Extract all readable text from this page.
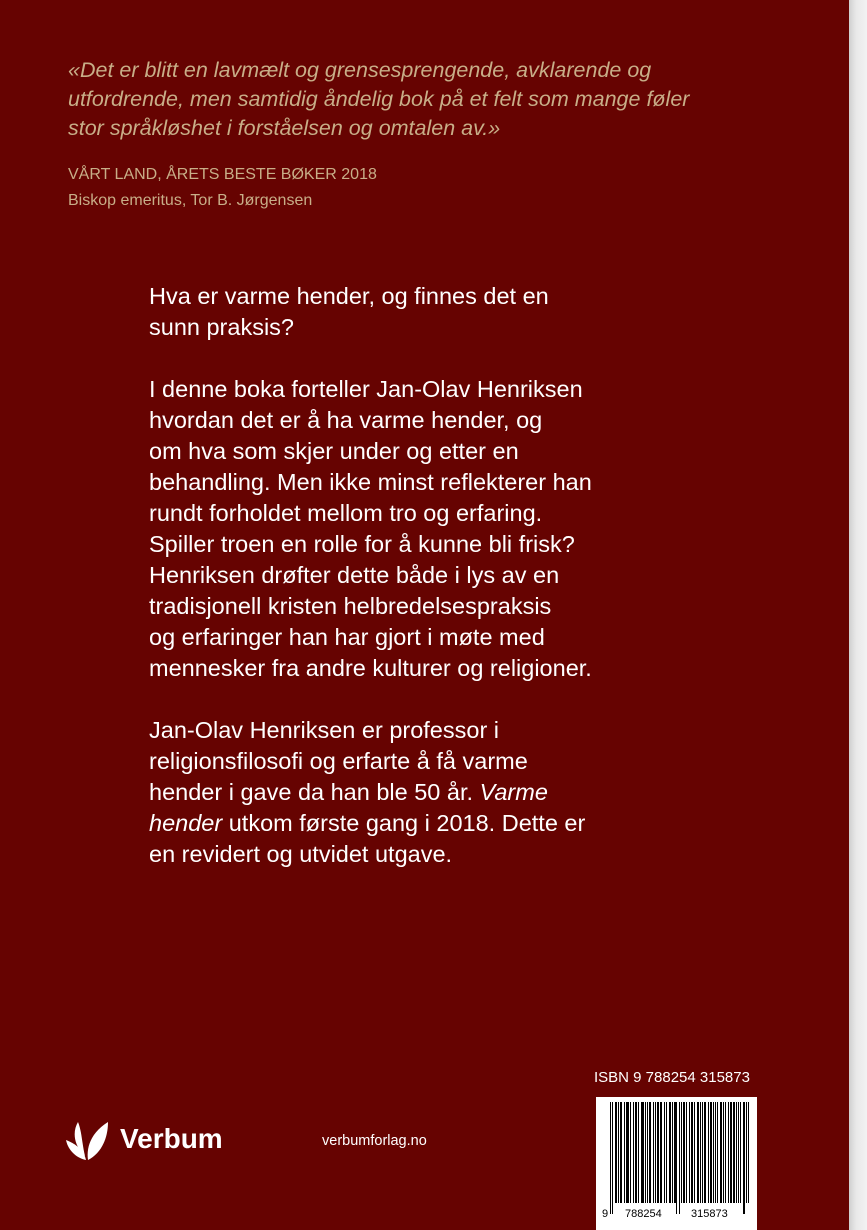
«Det er blitt en lavmælt og grensesprengende, avklarende og
utfordrende, men samtidig åndelig bok på et felt som mange føler
stor språkløshet i forståelsen og omtalen av.»
VÅRT LAND, ÅRETS BESTE BØKER 2018
Biskop emeritus, Tor B. Jørgensen

Hva er varme hender, og finnes det en
sunn praksis?

I denne boka forteller Jan-Olav Henriksen
hvordan det er å ha varme hender, og
om hva som skjer under og etter en
behandling. Men ikke minst reflekterer han
rundt forholdet mellom tro og erfaring.
Spiller troen en rolle for å kunne bli frisk?
Henriksen drøfter dette både i lys av en
tradisjonell kristen helbredelsespraksis
og erfaringer han har gjort i møte med
mennesker fra andre kulturer og religioner.

Jan-Olav Henriksen er professor i
religionsfilosofi og erfarte å få varme
hender i gave da han ble 50 år. Varme
hender utkom første gang i 2018. Dette er
en revidert og utvidet utgave.

Verbum	verbumforlag.no
ISBN 9 788254 315873
9 788254	315873
